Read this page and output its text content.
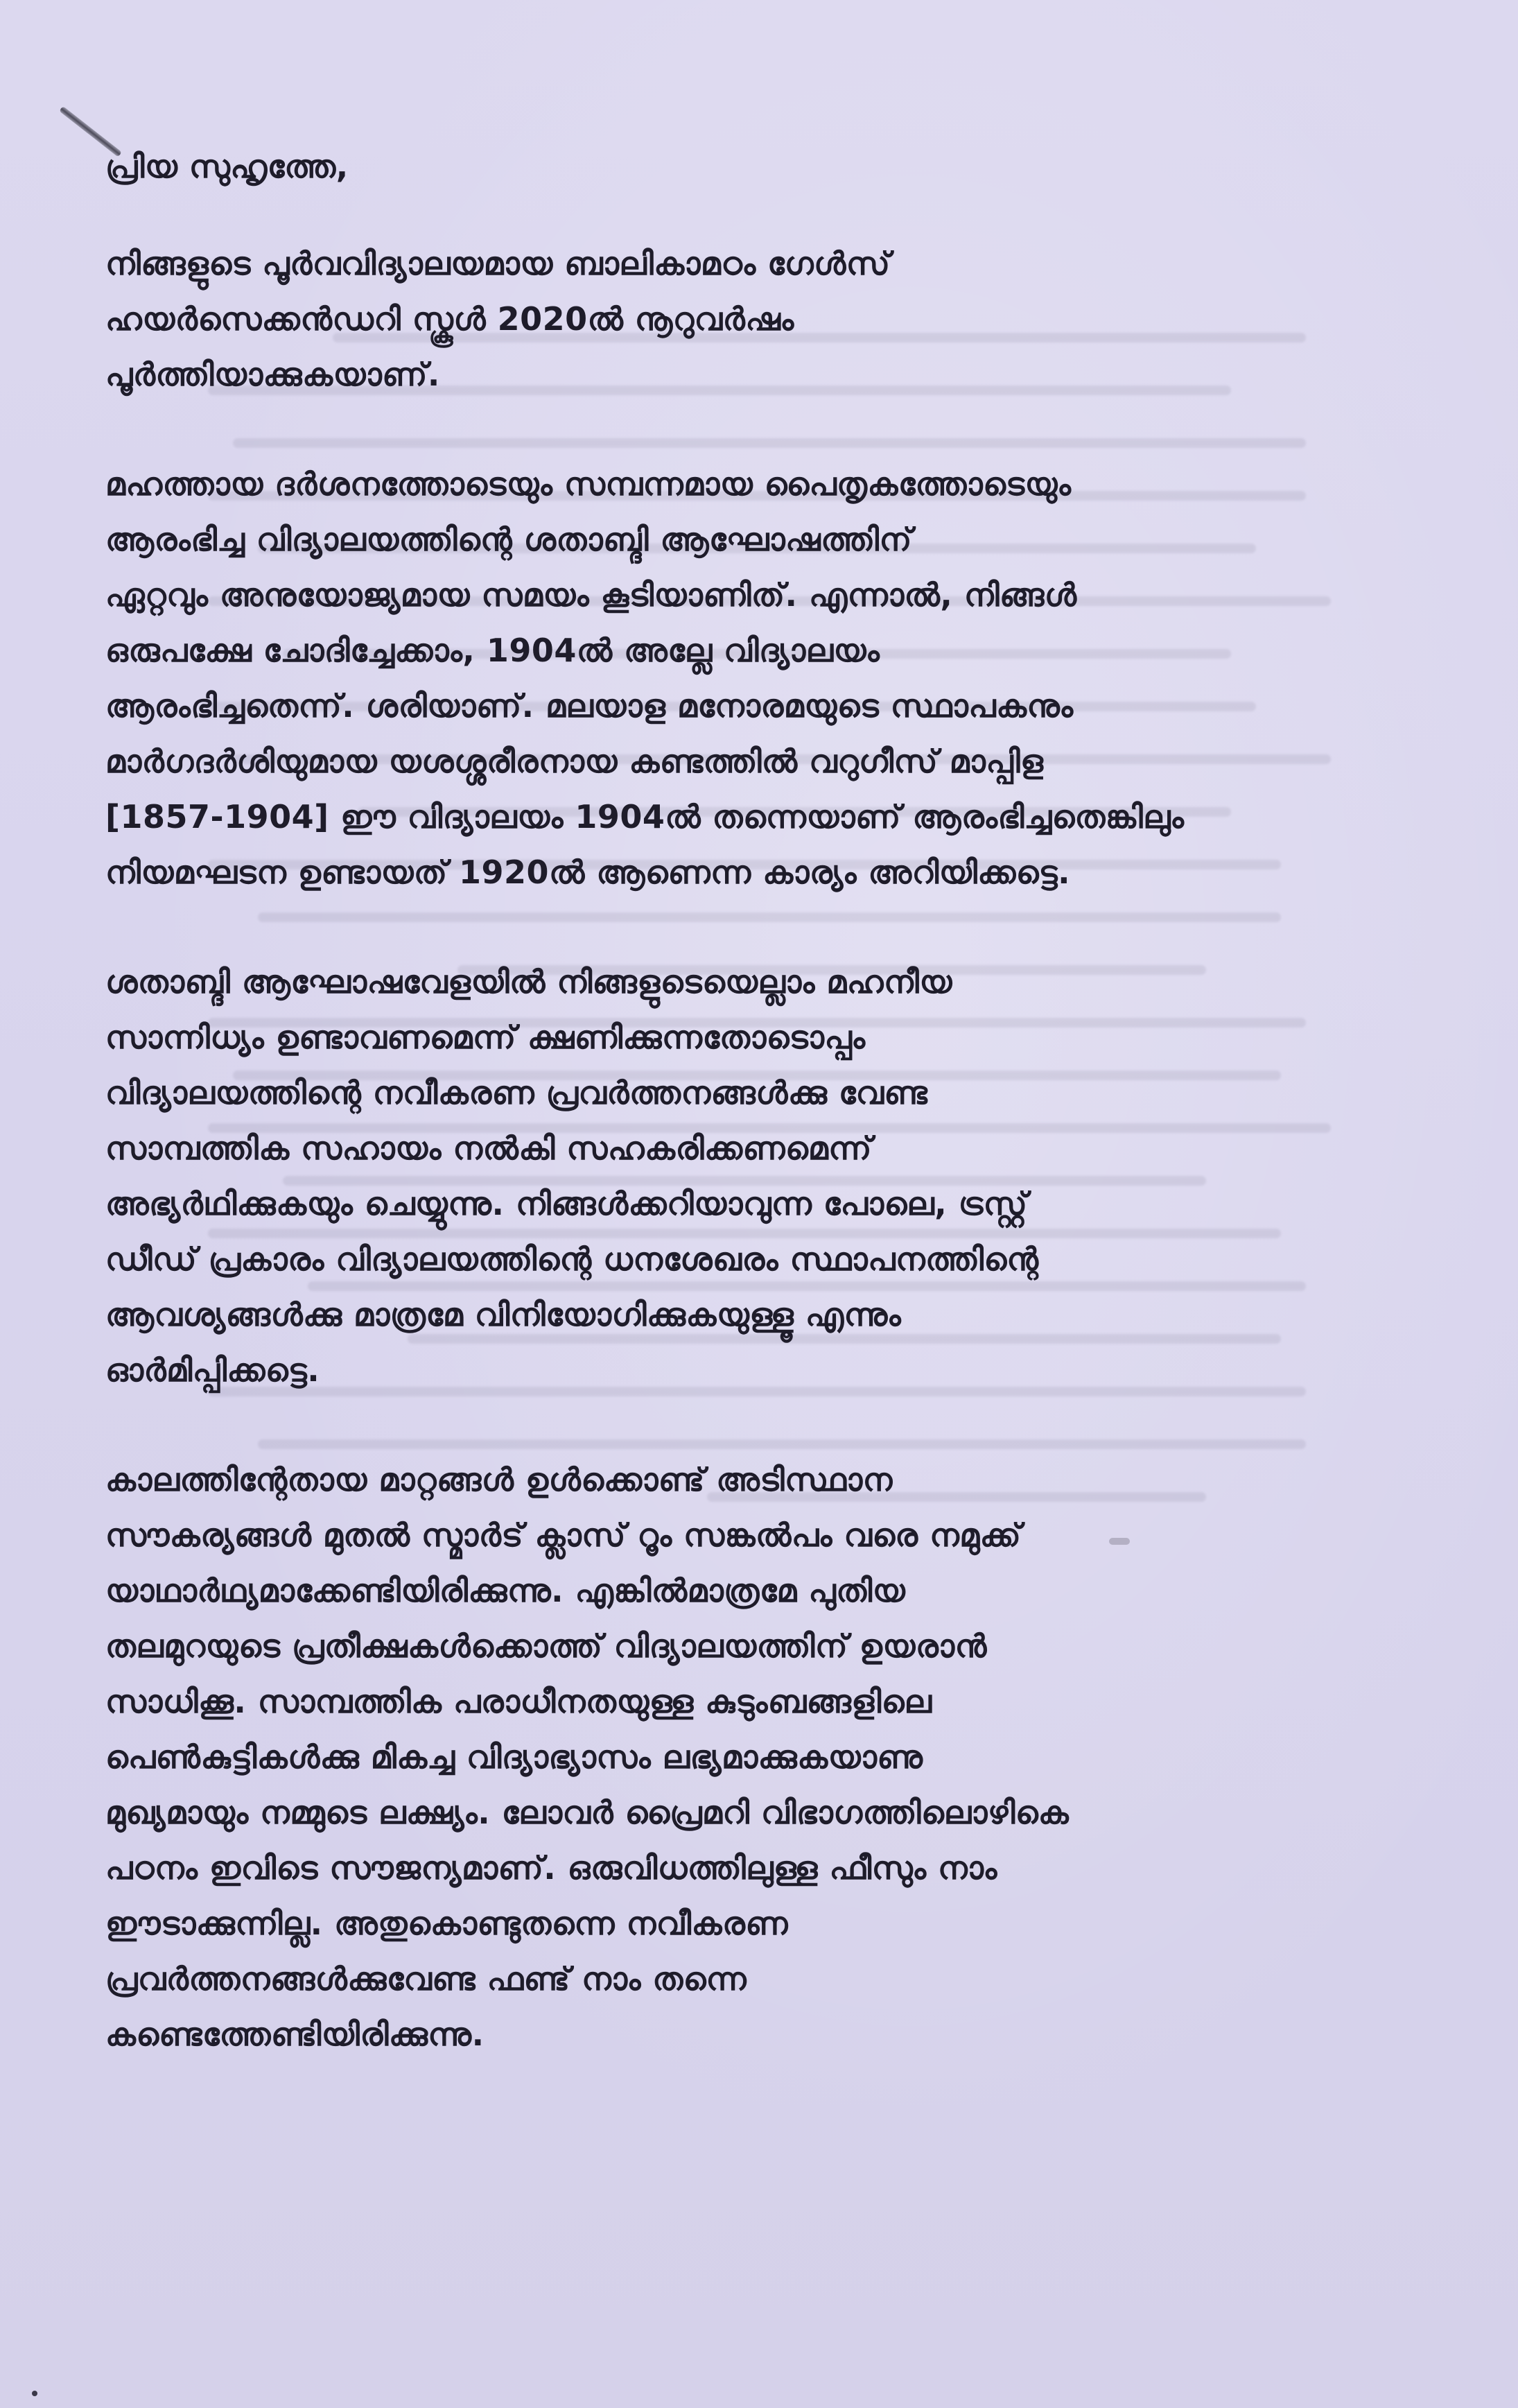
പ്രിയ സുഹൃത്തേ,

നിങ്ങളുടെ പൂർവവിദ്യാലയമായ ബാലികാമഠം ഗേൾസ്
ഹയർസെക്കൻഡറി സ്കൂൾ 2020ൽ നൂറുവർഷം
പൂർത്തിയാക്കുകയാണ്.

മഹത്തായ ദർശനത്തോടെയും സമ്പന്നമായ പൈതൃകത്തോടെയും
ആരംഭിച്ച വിദ്യാലയത്തിന്റെ ശതാബ്ദി ആഘോഷത്തിന്
ഏറ്റവും അനുയോജ്യമായ സമയം കൂടിയാണിത്. എന്നാൽ, നിങ്ങൾ
ഒരുപക്ഷേ ചോദിച്ചേക്കാം, 1904ൽ അല്ലേ വിദ്യാലയം
ആരംഭിച്ചതെന്ന്. ശരിയാണ്. മലയാള മനോരമയുടെ സ്ഥാപകനും
മാർഗദർശിയുമായ യശശ്ശരീരനായ കണ്ടത്തിൽ വറുഗീസ് മാപ്പിള
[1857-1904] ഈ വിദ്യാലയം 1904ൽ തന്നെയാണ് ആരംഭിച്ചതെങ്കിലും
നിയമഘടന ഉണ്ടായത് 1920ൽ ആണെന്ന കാര്യം അറിയിക്കട്ടെ.

ശതാബ്ദി ആഘോഷവേളയിൽ നിങ്ങളുടെയെല്ലാം മഹനീയ
സാന്നിധ്യം ഉണ്ടാവണമെന്ന് ക്ഷണിക്കുന്നതോടൊപ്പം
വിദ്യാലയത്തിന്റെ നവീകരണ പ്രവർത്തനങ്ങൾക്കു വേണ്ട
സാമ്പത്തിക സഹായം നൽകി സഹകരിക്കണമെന്ന്
അഭ്യർഥിക്കുകയും ചെയ്യുന്നു. നിങ്ങൾക്കറിയാവുന്ന പോലെ, ട്രസ്റ്റ്
ഡീഡ് പ്രകാരം വിദ്യാലയത്തിന്റെ ധനശേഖരം സ്ഥാപനത്തിന്റെ
ആവശ്യങ്ങൾക്കു മാത്രമേ വിനിയോഗിക്കുകയുള്ളൂ എന്നും
ഓർമിപ്പിക്കട്ടെ.

കാലത്തിന്റേതായ മാറ്റങ്ങൾ ഉൾക്കൊണ്ട് അടിസ്ഥാന
സൗകര്യങ്ങൾ മുതൽ സ്മാർട് ക്ലാസ് റൂം സങ്കൽപം വരെ നമുക്ക്
യാഥാർഥ്യമാക്കേണ്ടിയിരിക്കുന്നു. എങ്കിൽമാത്രമേ പുതിയ
തലമുറയുടെ പ്രതീക്ഷകൾക്കൊത്ത് വിദ്യാലയത്തിന് ഉയരാൻ
സാധിക്കൂ. സാമ്പത്തിക പരാധീനതയുള്ള കുടുംബങ്ങളിലെ
പെൺകുട്ടികൾക്കു മികച്ച വിദ്യാഭ്യാസം ലഭ്യമാക്കുകയാണു
മുഖ്യമായും നമ്മുടെ ലക്ഷ്യം. ലോവർ പ്രൈമറി വിഭാഗത്തിലൊഴികെ
പഠനം ഇവിടെ സൗജന്യമാണ്. ഒരുവിധത്തിലുള്ള ഫീസും നാം
ഈടാക്കുന്നില്ല. അതുകൊണ്ടുതന്നെ നവീകരണ
പ്രവർത്തനങ്ങൾക്കുവേണ്ട ഫണ്ട് നാം തന്നെ
കണ്ടെത്തേണ്ടിയിരിക്കുന്നു.
